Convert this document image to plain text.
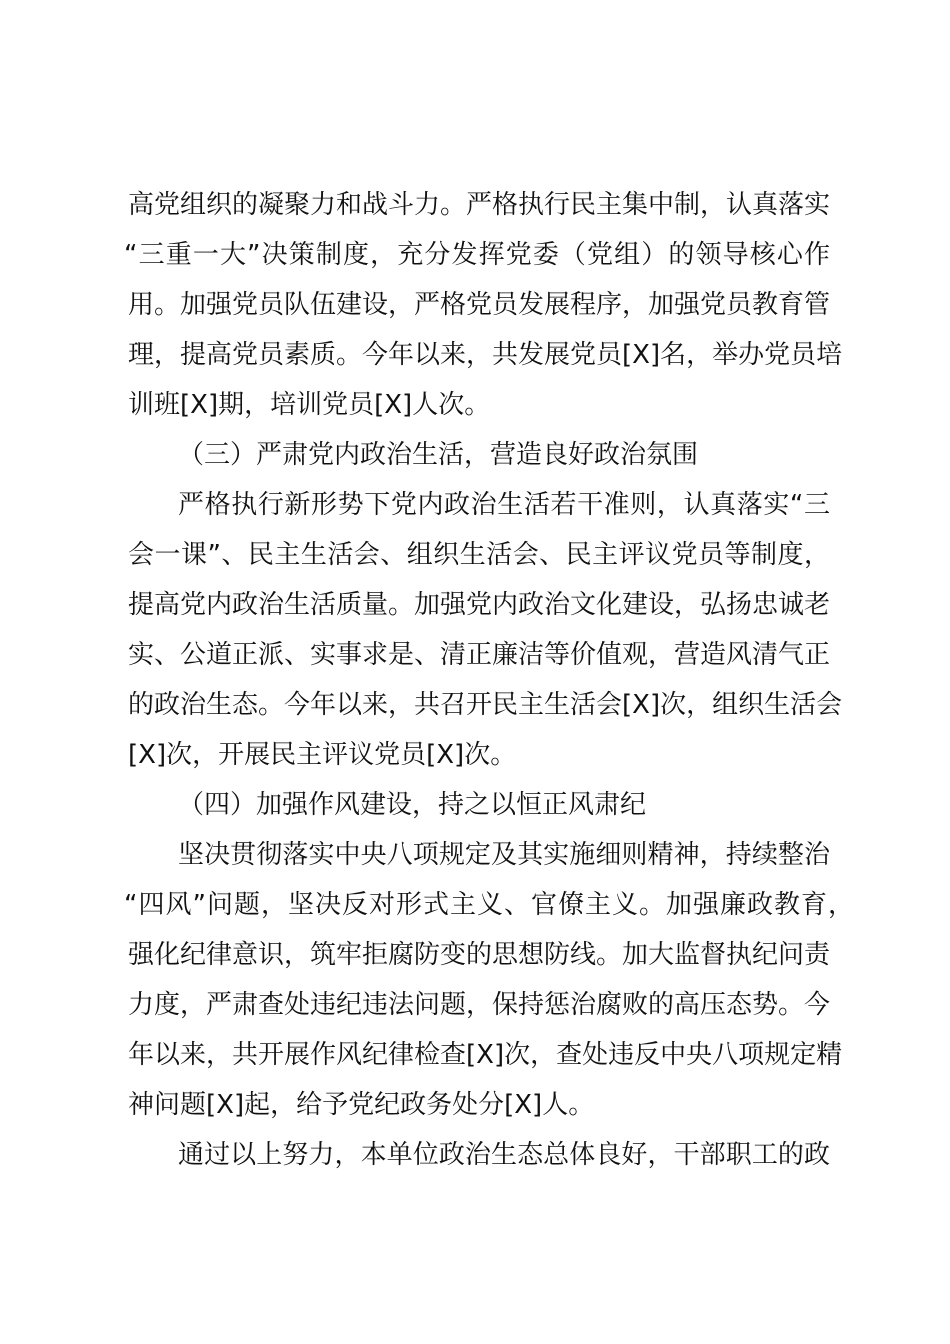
高党组织的凝聚力和战斗力。严格执行民主集中制，认真落实
“三重一大”决策制度，充分发挥党委（党组）的领导核心作
用。加强党员队伍建设，严格党员发展程序，加强党员教育管
理，提高党员素质。今年以来，共发展党员[X]名，举办党员培
训班[X]期，培训党员[X]人次。
（三）严肃党内政治生活，营造良好政治氛围
严格执行新形势下党内政治生活若干准则，认真落实“三
会一课”、民主生活会、组织生活会、民主评议党员等制度，
提高党内政治生活质量。加强党内政治文化建设，弘扬忠诚老
实、公道正派、实事求是、清正廉洁等价值观，营造风清气正
的政治生态。今年以来，共召开民主生活会[X]次，组织生活会
[X]次，开展民主评议党员[X]次。
（四）加强作风建设，持之以恒正风肃纪
坚决贯彻落实中央八项规定及其实施细则精神，持续整治
“四风”问题，坚决反对形式主义、官僚主义。加强廉政教育，
强化纪律意识，筑牢拒腐防变的思想防线。加大监督执纪问责
力度，严肃查处违纪违法问题，保持惩治腐败的高压态势。今
年以来，共开展作风纪律检查[X]次，查处违反中央八项规定精
神问题[X]起，给予党纪政务处分[X]人。
通过以上努力，本单位政治生态总体良好，干部职工的政
